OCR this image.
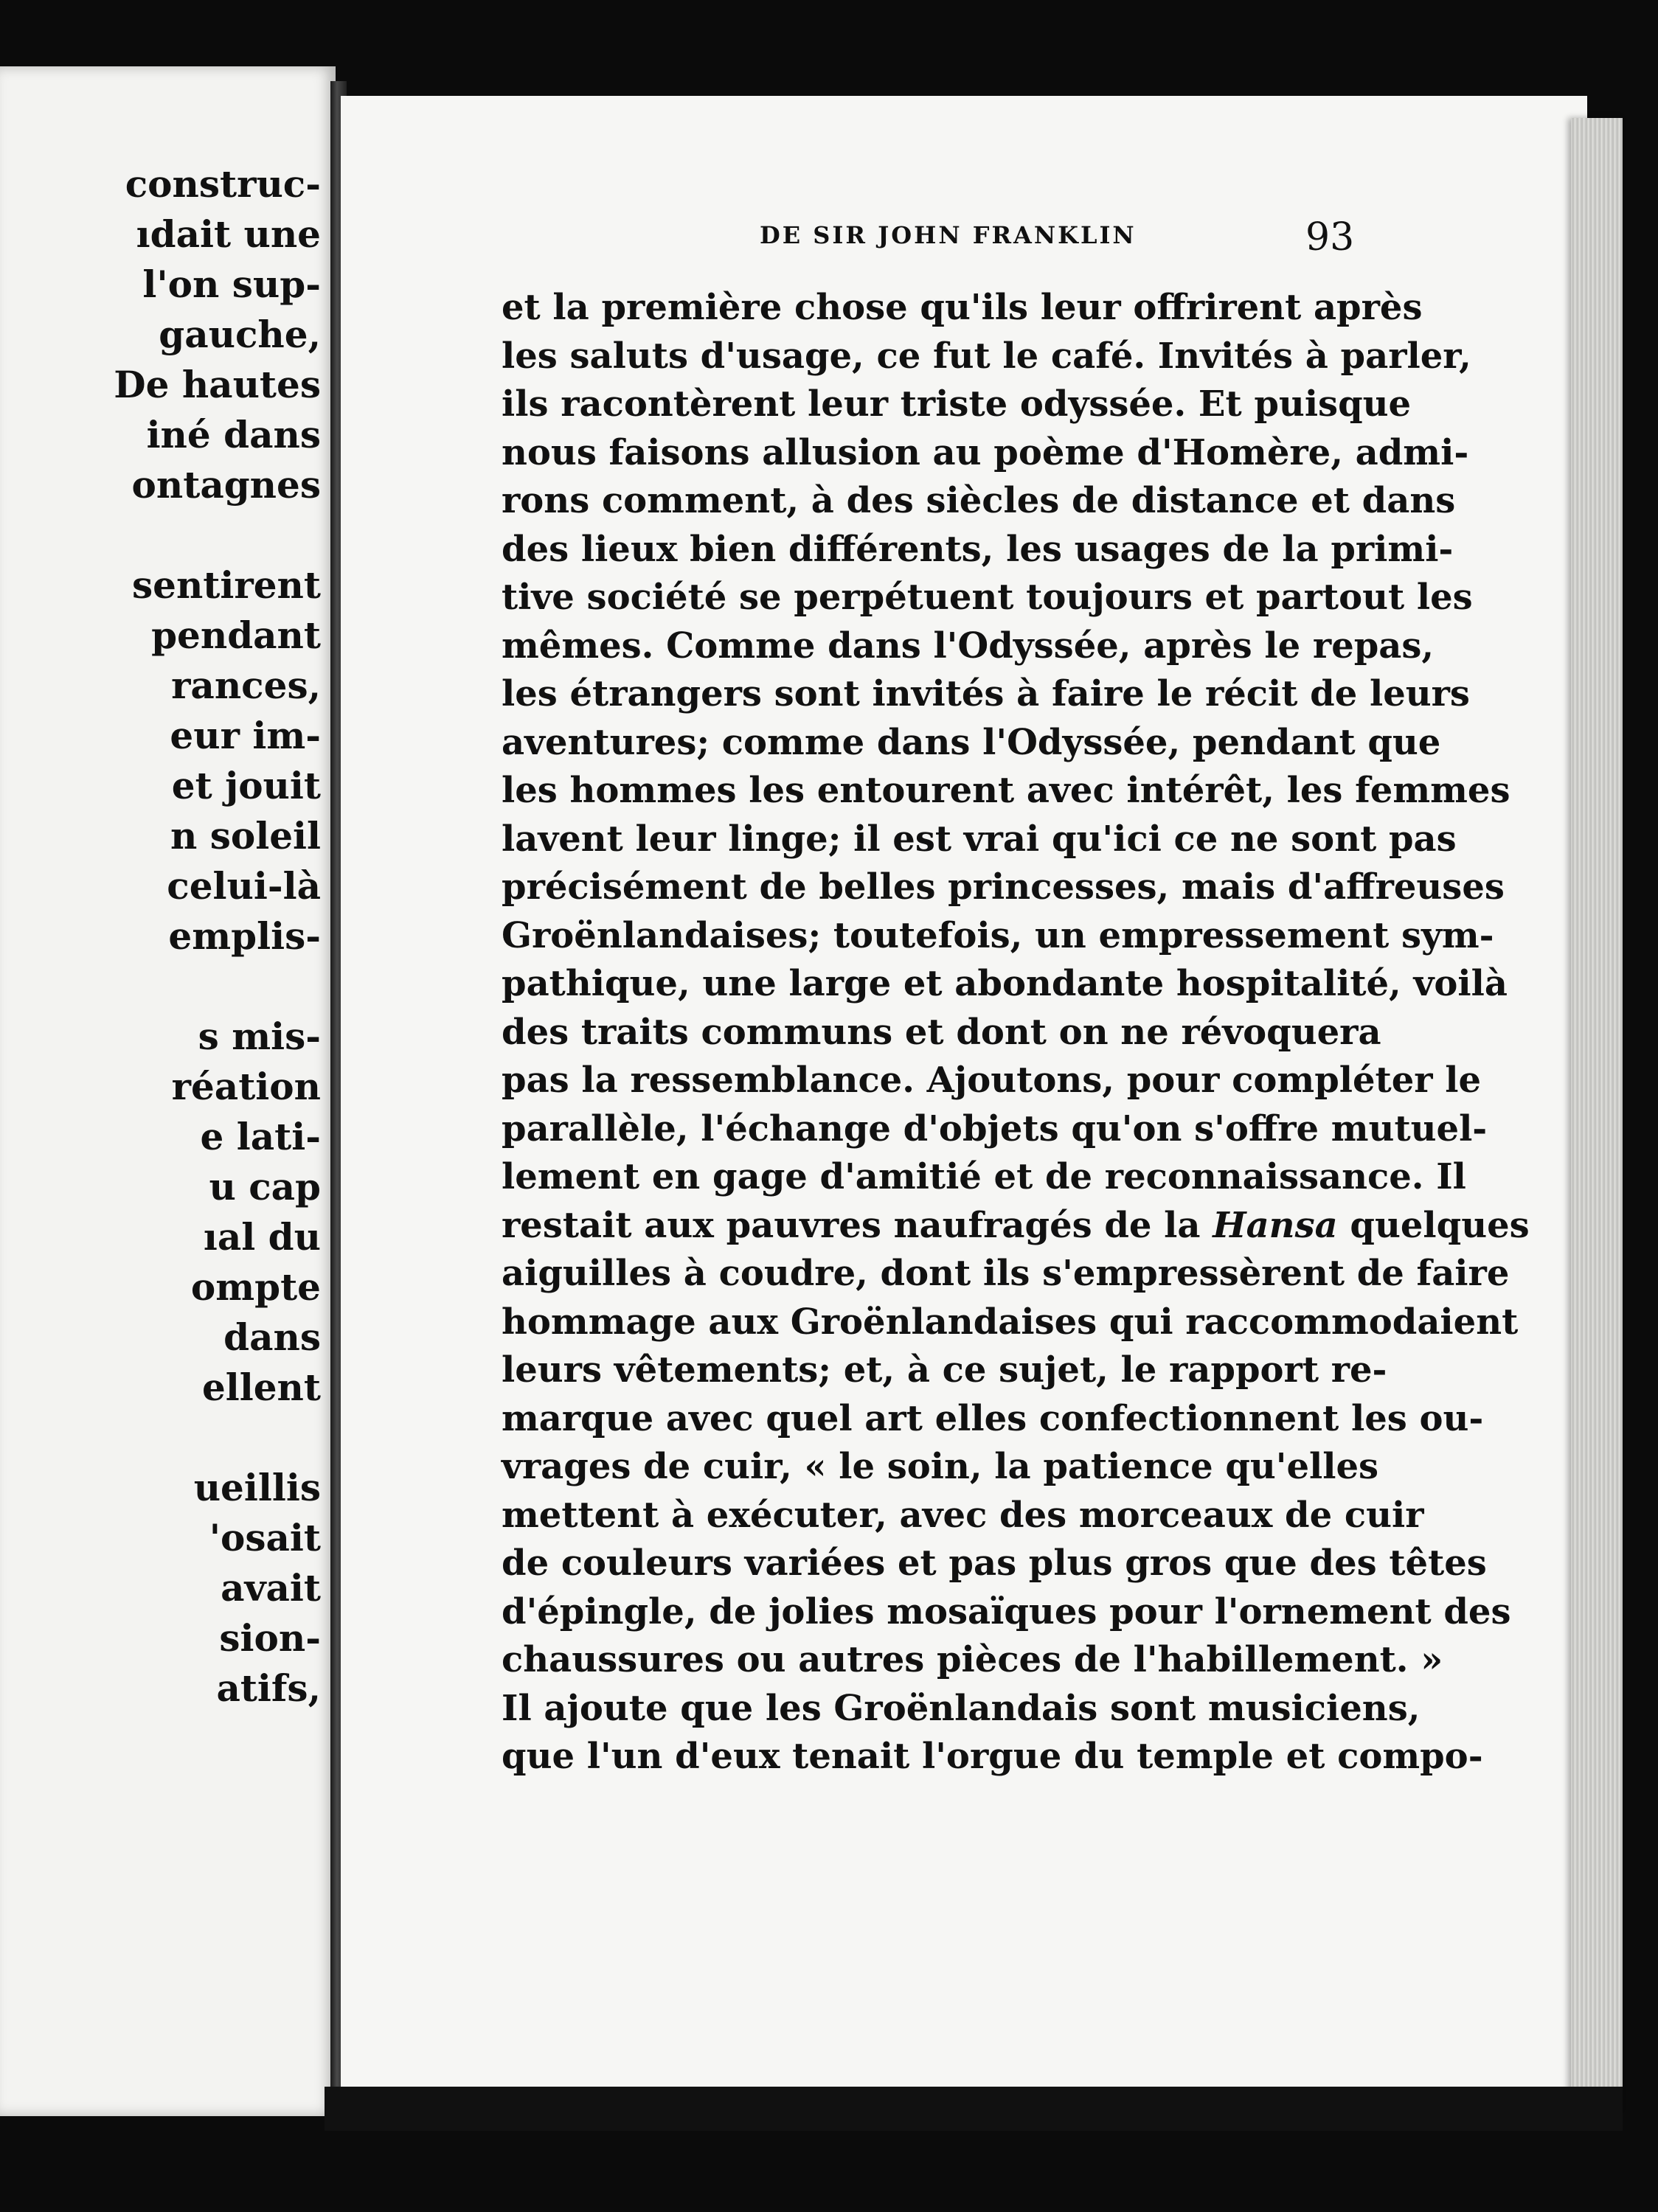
construc-
ıdait une
l'on sup-
gauche,
De hautes
iné dans
ontagnes
sentirent
pendant
rances,
eur im-
et jouit
n soleil
celui-là
emplis-
s mis-
réation
e lati-
u cap
ıal du
ompte
dans
ellent
ueillis
'osait
avait
sion-
atifs,
DE SIR JOHN FRANKLIN	93
et la première chose qu'ils leur offrirent après
les saluts d'usage, ce fut le café. Invités à parler,
ils racontèrent leur triste odyssée. Et puisque
nous faisons allusion au poème d'Homère, admi-
rons comment, à des siècles de distance et dans
des lieux bien différents, les usages de la primi-
tive société se perpétuent toujours et partout les
mêmes. Comme dans l'Odyssée, après le repas,
les étrangers sont invités à faire le récit de leurs
aventures; comme dans l'Odyssée, pendant que
les hommes les entourent avec intérêt, les femmes
lavent leur linge; il est vrai qu'ici ce ne sont pas
précisément de belles princesses, mais d'affreuses
Groënlandaises; toutefois, un empressement sym-
pathique, une large et abondante hospitalité, voilà
des traits communs et dont on ne révoquera
pas la ressemblance. Ajoutons, pour compléter le
parallèle, l'échange d'objets qu'on s'offre mutuel-
lement en gage d'amitié et de reconnaissance. Il
restait aux pauvres naufragés de la Hansa quelques
aiguilles à coudre, dont ils s'empressèrent de faire
hommage aux Groënlandaises qui raccommodaient
leurs vêtements; et, à ce sujet, le rapport re-
marque avec quel art elles confectionnent les ou-
vrages de cuir, « le soin, la patience qu'elles
mettent à exécuter, avec des morceaux de cuir
de couleurs variées et pas plus gros que des têtes
d'épingle, de jolies mosaïques pour l'ornement des
chaussures ou autres pièces de l'habillement. »
Il ajoute que les Groënlandais sont musiciens,
que l'un d'eux tenait l'orgue du temple et compo-
